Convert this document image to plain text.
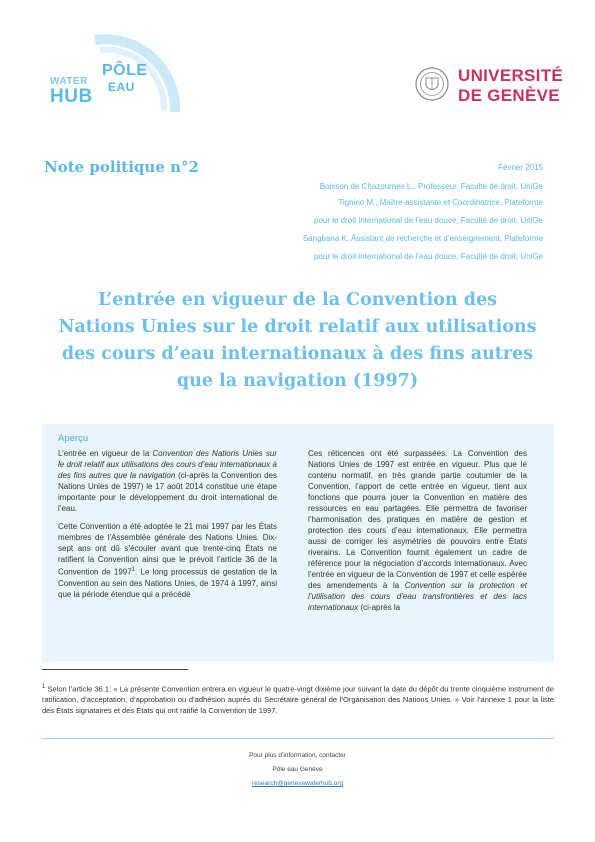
PÔLE
WATER EAU
HUB
UNIVERSITÉ
DE GENÈVE
Note politique n°2	Février 2015
Boisson de Chazournes L., Professeur, Faculté de droit, UniGe
Tignino M., Maître-assistante et Coordinatrice, Plateforme
pour le droit international de l’eau douce, Faculté de droit, UniGe
Sangbana K. Assistant de recherche et d’enseignement, Plateforme
pour le droit international de l’eau douce, Faculté de droit, UniGe
L’entrée en vigueur de la Convention des
Nations Unies sur le droit relatif aux utilisations
des cours d’eau internationaux à des fins autres
que la navigation (1997)
Aperçu

L’entrée en vigueur de la Convention des Nations Unies sur le droit relatif aux utilisations des cours d’eau internationaux à des fins autres que la navigation (ci-après la Convention des Nations Unies de 1997) le 17 août 2014 constitue une étape importante pour le développement du droit international de l’eau.

Cette Convention a été adoptée le 21 mai 1997 par les États membres de l’Assemblée générale des Nations Unies. Dix-sept ans ont dû s’écouler avant que trente-cinq États ne ratifient la Convention ainsi que le prévoit l’article 36 de la Convention de 1997$^1$. Le long processus de gestation de la Convention au sein des Nations Unies, de 1974 à 1997, ainsi que la période étendue qui a précédé

Ces réticences ont été surpassées. La Convention des Nations Unies de 1997 est entrée en vigueur. Plus que le contenu normatif, en très grande partie coutumier de la Convention, l’apport de cette entrée en vigueur, tient aux fonctions que pourra jouer la Convention en matière des ressources en eau partagées. Elle permettra de favoriser l’harmonisation des pratiques en matière de gestion et protection des cours d’eau internationaux. Elle permettra aussi de corriger les asymétries de pouvoirs entre États riverains. La Convention fournit également un cadre de référence pour la négociation d’accords internationaux. Avec l’entrée en vigueur de la Convention de 1997 et celle espérée des amendements à la Convention sur la protection et l’utilisation des cours d’eau transfrontières et des lacs internationaux (ci-après la

$^1$ Selon l’article 36.1: « La présente Convention entrera en vigueur le quatre-vingt dixième jour suivant la date du dépôt du trente cinquième instrument de ratification, d’acceptation, d’approbation ou d’adhésion auprès du Secrétaire général de l’Organisation des Nations Unies. » Voir l’annexe 1 pour la liste des États signataires et des États qui ont ratifié la Convention de 1997.
Pour plus d’information, contacter
Pôle eau Genève
research@genevawaterhub.org
